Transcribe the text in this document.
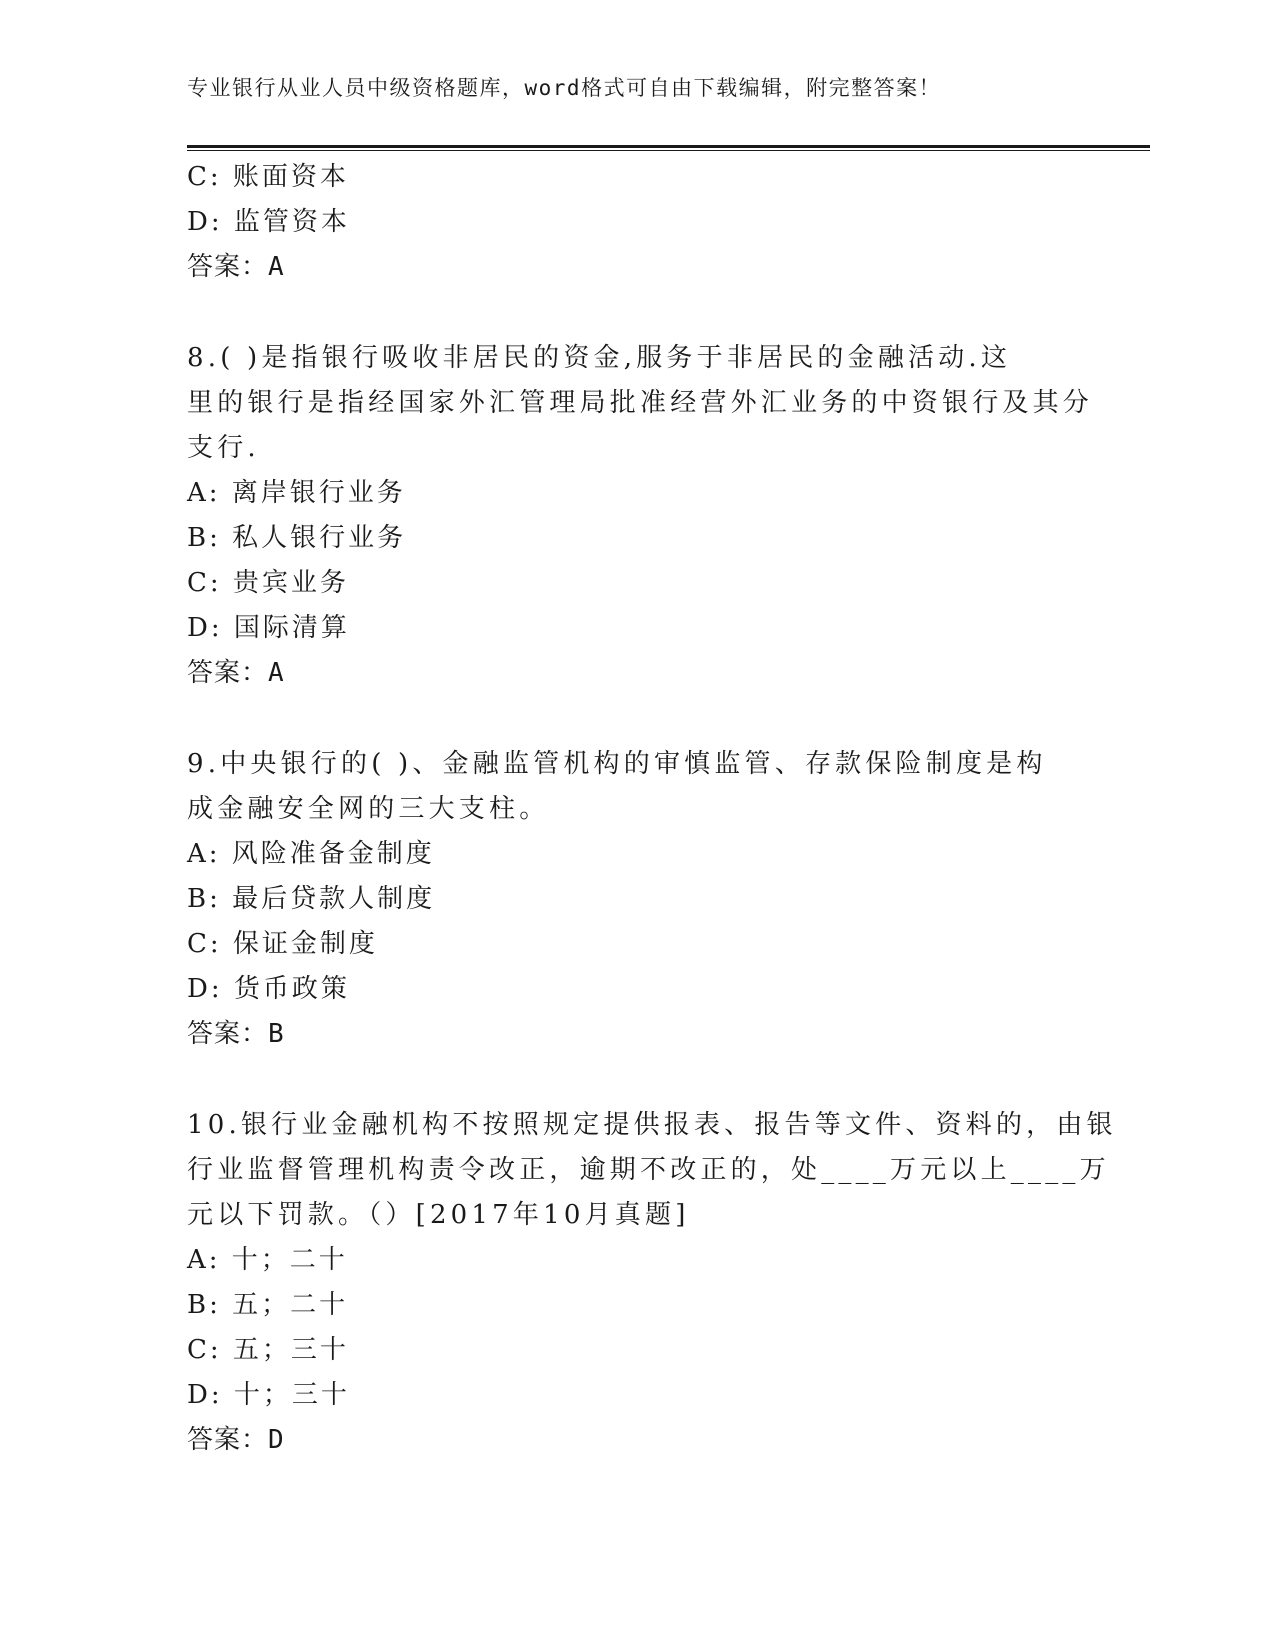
专业银行从业人员中级资格题库，word格式可自由下载编辑，附完整答案！
C: 账面资本
D: 监管资本
答案：A
8.( )是指银行吸收非居民的资金,服务于非居民的金融活动.这
里的银行是指经国家外汇管理局批准经营外汇业务的中资银行及其分
支行.
A: 离岸银行业务
B: 私人银行业务
C: 贵宾业务
D: 国际清算
答案：A
9.中央银行的( )、金融监管机构的审慎监管、存款保险制度是构
成金融安全网的三大支柱。
A: 风险准备金制度
B: 最后贷款人制度
C: 保证金制度
D: 货币政策
答案：B
10.银行业金融机构不按照规定提供报表、报告等文件、资料的，由银
行业监督管理机构责令改正，逾期不改正的，处____万元以上____万
元以下罚款。（）[2017年10月真题]
A: 十；二十
B: 五；二十
C: 五；三十
D: 十；三十
答案：D
